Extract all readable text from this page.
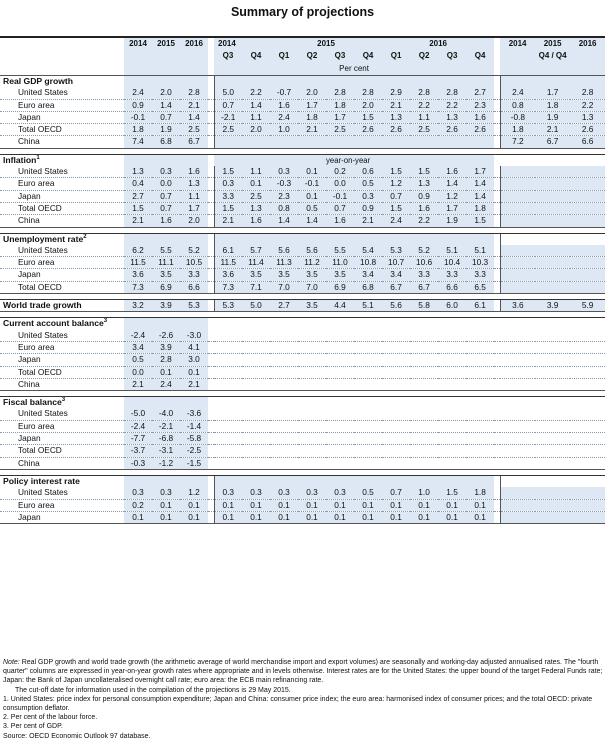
Summary of projections
	2014	2015	2016		2014		2015				2016					2014	2015	2016
					Q3	Q4	Q1	Q2	Q3	Q4	Q1	Q2	Q3	Q4		Q4 / Q4		
					Per cent													
Real GDP growth																		
United States	2.4	2.0	2.8		5.0	2.2	-0.7	2.0	2.8	2.8	2.9	2.8	2.8	2.7		2.4	1.7	2.8
Euro area	0.9	1.4	2.1		0.7	1.4	1.6	1.7	1.8	2.0	2.1	2.2	2.2	2.3		0.8	1.8	2.2
Japan	-0.1	0.7	1.4		-2.1	1.1	2.4	1.8	1.7	1.5	1.3	1.1	1.3	1.6		-0.8	1.9	1.3
Total OECD	1.8	1.9	2.5		2.5	2.0	1.0	2.1	2.5	2.6	2.6	2.5	2.6	2.6		1.8	2.1	2.6
China	7.4	6.8	6.7													7.2	6.7	6.6

Inflation$^1$									year-on-year									
United States	1.3	0.3	1.6		1.5	1.1	0.3	0.1	0.2	0.6	1.5	1.5	1.6	1.7				
Euro area	0.4	0.0	1.3		0.3	0.1	-0.3	-0.1	0.0	0.5	1.2	1.3	1.4	1.4				
Japan	2.7	0.7	1.1		3.3	2.5	2.3	0.1	-0.1	0.3	0.7	0.9	1.2	1.4				
Total OECD	1.5	0.7	1.7		1.5	1.3	0.8	0.5	0.7	0.9	1.5	1.6	1.7	1.8				
China	2.1	1.6	2.0		2.1	1.6	1.4	1.4	1.6	2.1	2.4	2.2	1.9	1.5				

Unemployment rate$^2$																		
United States	6.2	5.5	5.2		6.1	5.7	5.6	5.6	5.5	5.4	5.3	5.2	5.1	5.1				
Euro area	11.5	11.1	10.5		11.5	11.4	11.3	11.2	11.0	10.8	10.7	10.6	10.4	10.3				
Japan	3.6	3.5	3.3		3.6	3.5	3.5	3.5	3.5	3.4	3.4	3.3	3.3	3.3				
Total OECD	7.3	6.9	6.6		7.3	7.1	7.0	7.0	6.9	6.8	6.7	6.7	6.6	6.5				

World trade growth	3.2	3.9	5.3		5.3	5.0	2.7	3.5	4.4	5.1	5.6	5.8	6.0	6.1		3.6	3.9	5.9

Current account balance$^3$																		
United States	-2.4	-2.6	-3.0															
Euro area	3.4	3.9	4.1															
Japan	0.5	2.8	3.0															
Total OECD	0.0	0.1	0.1															
China	2.1	2.4	2.1															

Fiscal balance$^3$																		
United States	-5.0	-4.0	-3.6															
Euro area	-2.4	-2.1	-1.4															
Japan	-7.7	-6.8	-5.8															
Total OECD	-3.7	-3.1	-2.5															
China	-0.3	-1.2	-1.5															

Policy interest rate																		
United States	0.3	0.3	1.2		0.3	0.3	0.3	0.3	0.3	0.5	0.7	1.0	1.5	1.8				
Euro area	0.2	0.1	0.1		0.1	0.1	0.1	0.1	0.1	0.1	0.1	0.1	0.1	0.1				
Japan	0.1	0.1	0.1		0.1	0.1	0.1	0.1	0.1	0.1	0.1	0.1	0.1	0.1				

Note: Real GDP growth and world trade growth (the arithmetic average of world merchandise import and export volumes) are seasonally and working-day adjusted annualised rates. The "fourth quarter" columns are expressed in year-on-year growth rates where appropriate and in levels otherwise. Interest rates are for the United States: the upper bound of the target Federal Funds rate; Japan: the Bank of Japan uncollateralised overnight call rate; euro area: the ECB main refinancing rate.

The cut-off date for information used in the compilation of the projections is 29 May 2015.

1. United States: price index for personal consumption expenditure; Japan and China: consumer price index; the euro area: harmonised index of consumer prices; and the total OECD: private consumption deflator.

2. Per cent of the labour force.

3. Per cent of GDP.

Source: OECD Economic Outlook 97 database.
